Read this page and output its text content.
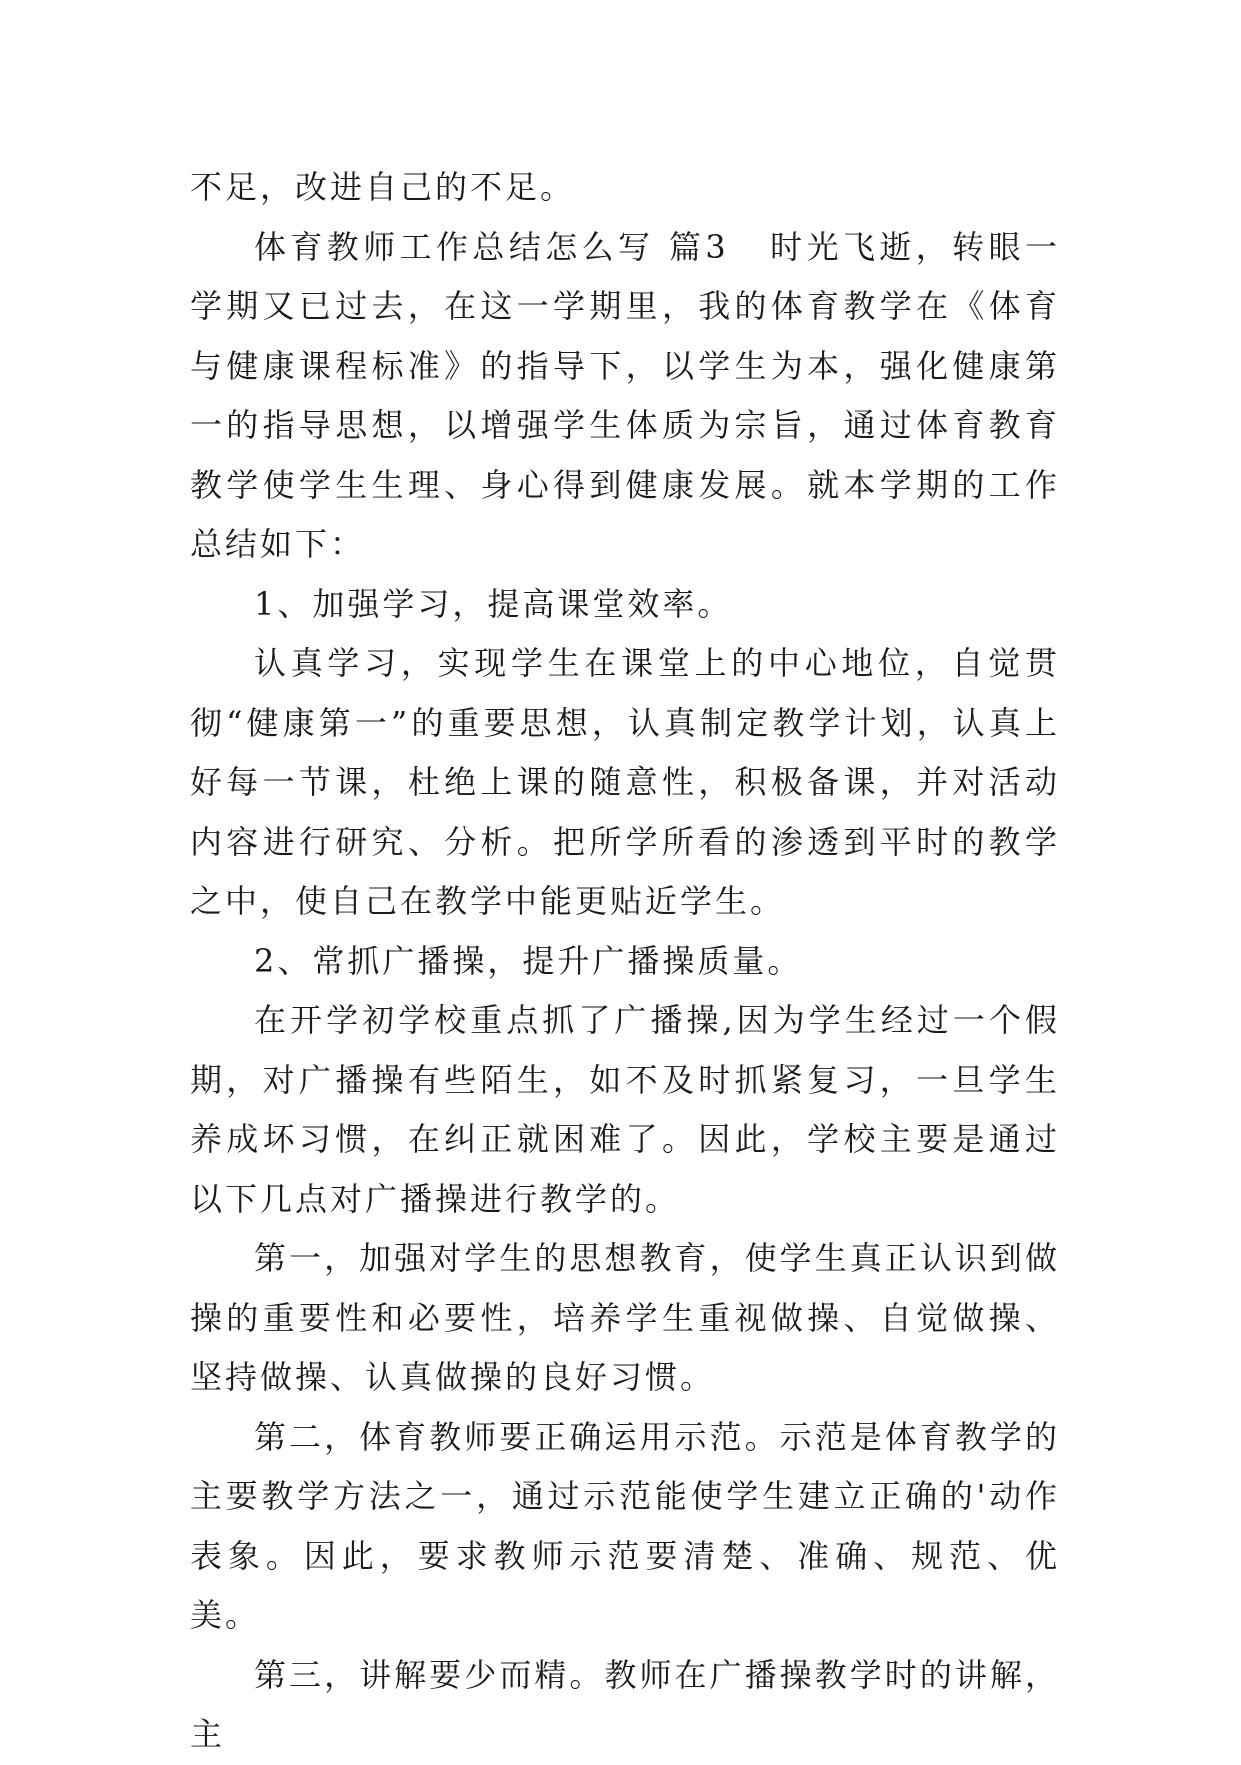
不足，改进自己的不足。

体育教师工作总结怎么写 篇3 时光飞逝，转眼一学期又已过去，在这一学期里，我的体育教学在《体育与健康课程标准》的指导下，以学生为本，强化健康第一的指导思想，以增强学生体质为宗旨，通过体育教育教学使学生生理、身心得到健康发展。就本学期的工作总结如下：

1、加强学习，提高课堂效率。

认真学习，实现学生在课堂上的中心地位，自觉贯彻“健康第一”的重要思想，认真制定教学计划，认真上好每一节课，杜绝上课的随意性，积极备课，并对活动内容进行研究、分析。把所学所看的渗透到平时的教学之中，使自己在教学中能更贴近学生。

2、常抓广播操，提升广播操质量。

在开学初学校重点抓了广播操,因为学生经过一个假期，对广播操有些陌生，如不及时抓紧复习，一旦学生养成坏习惯，在纠正就困难了。因此，学校主要是通过以下几点对广播操进行教学的。

第一，加强对学生的思想教育，使学生真正认识到做操的重要性和必要性，培养学生重视做操、自觉做操、坚持做操、认真做操的良好习惯。

第二，体育教师要正确运用示范。示范是体育教学的主要教学方法之一，通过示范能使学生建立正确的'动作表象。因此，要求教师示范要清楚、准确、规范、优美。

第三，讲解要少而精。教师在广播操教学时的讲解，主
